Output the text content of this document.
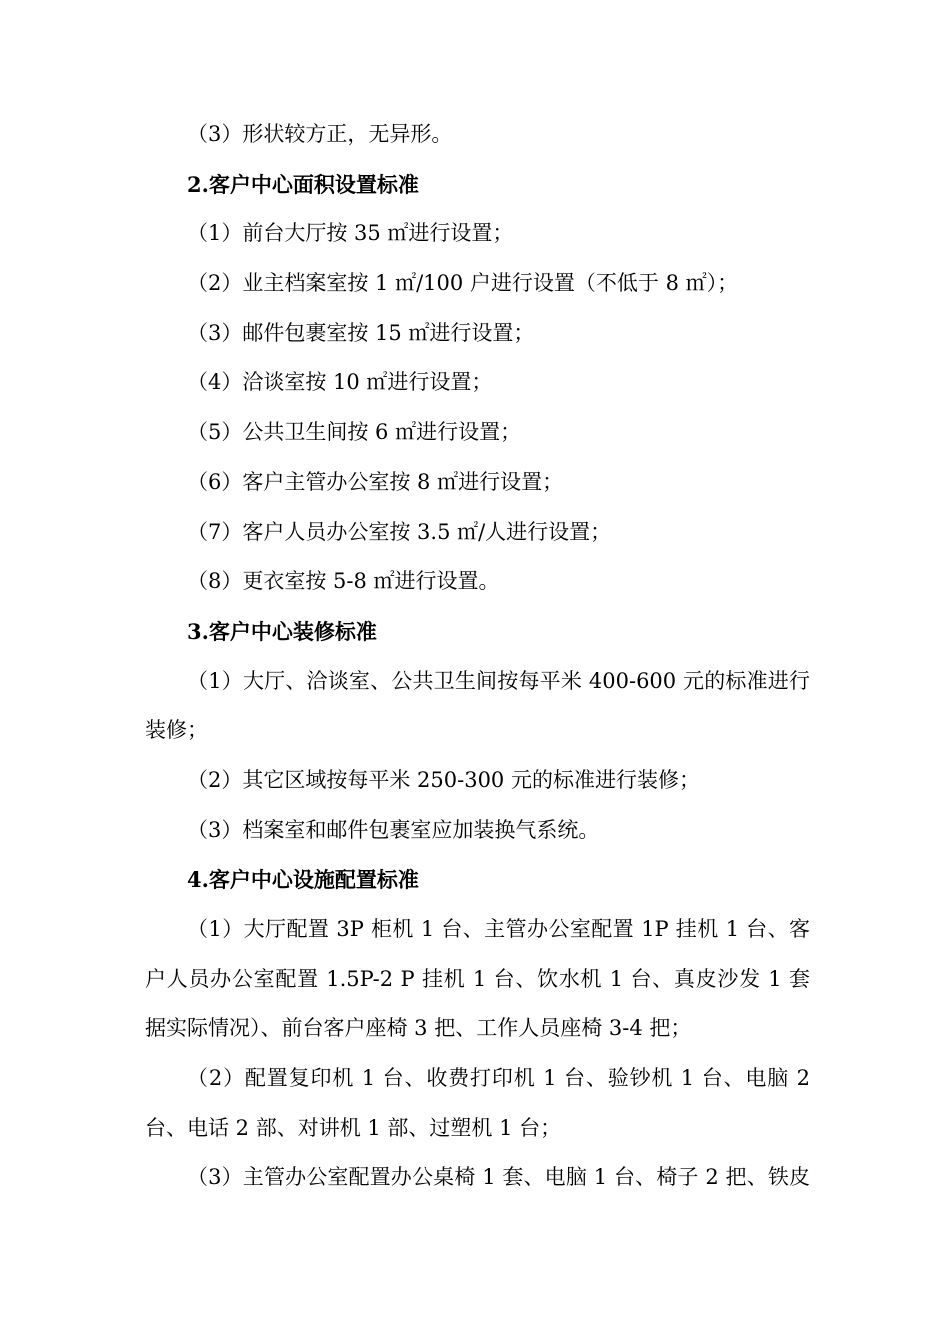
（3）形状较方正，无异形。
2.客户中心面积设置标准
（1）前台大厅按 35 ㎡进行设置；
（2）业主档案室按 1 ㎡/100 户进行设置（不低于 8 ㎡）；
（3）邮件包裹室按 15 ㎡进行设置；
（4）洽谈室按 10 ㎡进行设置；
（5）公共卫生间按 6 ㎡进行设置；
（6）客户主管办公室按 8 ㎡进行设置；
（7）客户人员办公室按 3.5 ㎡/人进行设置；
（8）更衣室按 5-8 ㎡进行设置。
3.客户中心装修标准
（1）大厅、洽谈室、公共卫生间按每平米 400-600 元的标准进行
装修；
（2）其它区域按每平米 250-300 元的标准进行装修；
（3）档案室和邮件包裹室应加装换气系统。
4.客户中心设施配置标准
（1）大厅配置 3P 柜机 1 台、主管办公室配置 1P 挂机 1 台、客
户人员办公室配置 1.5P-2 P 挂机 1 台、饮水机 1 台、真皮沙发 1 套
据实际情况）、前台客户座椅 3 把、工作人员座椅 3-4 把；
（2）配置复印机 1 台、收费打印机 1 台、验钞机 1 台、电脑 2
台、电话 2 部、对讲机 1 部、过塑机 1 台；
（3）主管办公室配置办公桌椅 1 套、电脑 1 台、椅子 2 把、铁皮
